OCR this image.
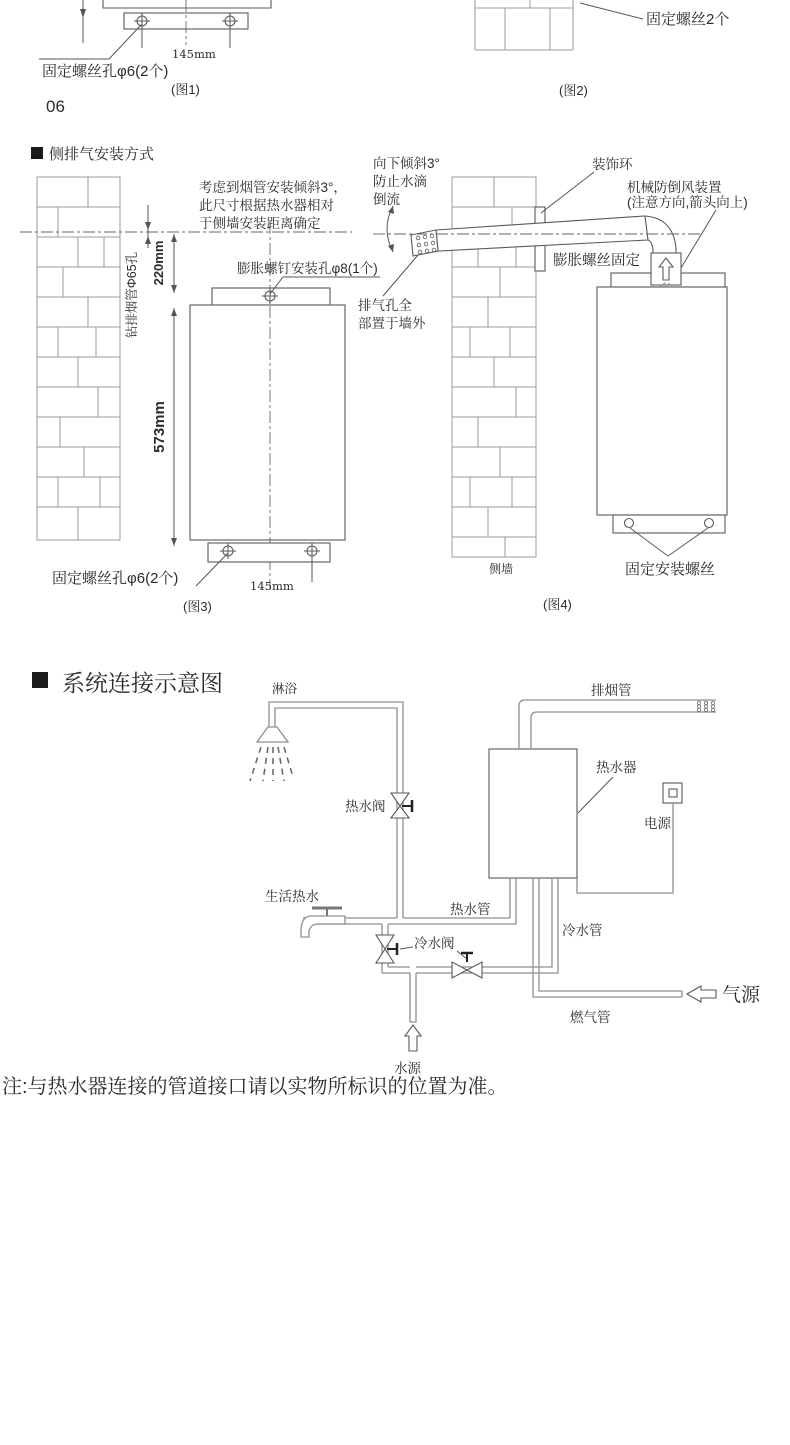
145mm
固定螺丝孔φ6(2个)
(图1)
06
固定螺丝2个
(图2)
侧排气安装方式
220mm
钻排烟管Φ65孔	膨胀螺钉安装孔φ8(1个)
考虑到烟管安装倾斜3°，
此尺寸根据热水器相对
于侧墙安装距离确定
573mm
固定螺丝孔φ6(2个)	145mm
(图3)
向下倾斜3°
防止水滴
倒流
装饰环
机械防倒风装置
(注意方向,箭头向上)
膨胀螺丝固定
排气孔全
部置于墙外
侧墙	固定安装螺丝
(图4)
系统连接示意图	淋浴
热水阀
热水器
排烟管
电源
生活热水
热水管
冷水阀
冷水管
水源
气源
燃气管
注:与热水器连接的管道接口请以实物所标识的位置为准。
